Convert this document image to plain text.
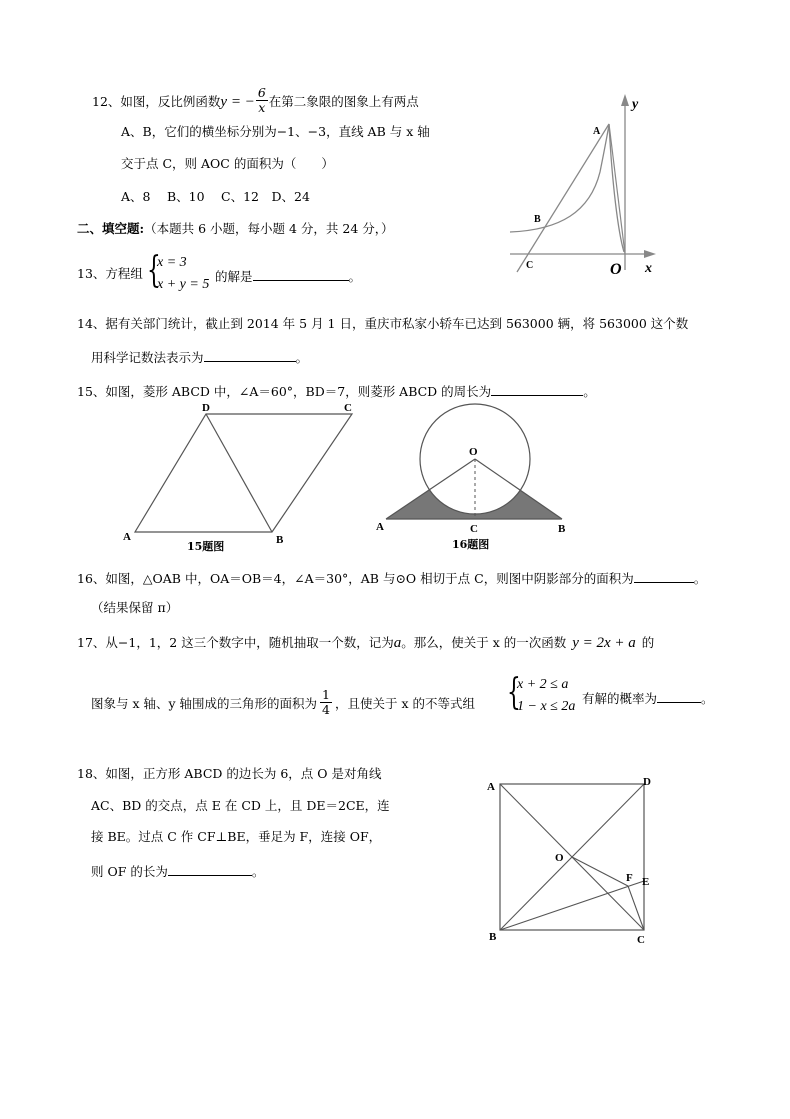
12、如图，反比例函数y = − $\frac{6}{x}$ 在第二象限的图象上有两点
A、B，它们的横坐标分别为−1、−3，直线 AB 与 x 轴
交于点 C，则 AOC 的面积为（　　）
A、8　 B、10　 C、12　D、24
y
A
B
C	O x
二、填空题:（本题共 6 小题，每小题 4 分，共 24 分，）
13、方程组 {
x = 3
x + y = 5
的解是	。
14、据有关部门统计，截止到 2014 年 5 月 1 日，重庆市私家小轿车已达到 563000 辆，将 563000 这个数
用科学记数法表示为	。
15、如图，菱形 ABCD 中，∠A＝60°，BD＝7，则菱形 ABCD 的周长为	。
D	C
A	B
15题图
O
A	C	B
16题图
16、如图，△OAB 中，OA＝OB＝4，∠A＝30°，AB 与⊙O 相切于点 C，则图中阴影部分的面积为	。
（结果保留 π）
17、从−1，1，2 这三个数字中，随机抽取一个数，记为a。那么，使关于 x 的一次函数 y = 2x + a 的
图象与 x 轴、y 轴围成的三角形的面积为 $\frac{1}{4}$ ，且使关于 x 的不等式组 {
x + 2 ≤ a
1 − x ≤ 2a
有解的概率为	。
18、如图，正方形 ABCD 的边长为 6，点 O 是对角线
AC、BD 的交点，点 E 在 CD 上，且 DE＝2CE，连
接 BE。过点 C 作 CF⊥BE，垂足为 F，连接 OF，
则 OF 的长为	。
A	D
O
F E
B	C
